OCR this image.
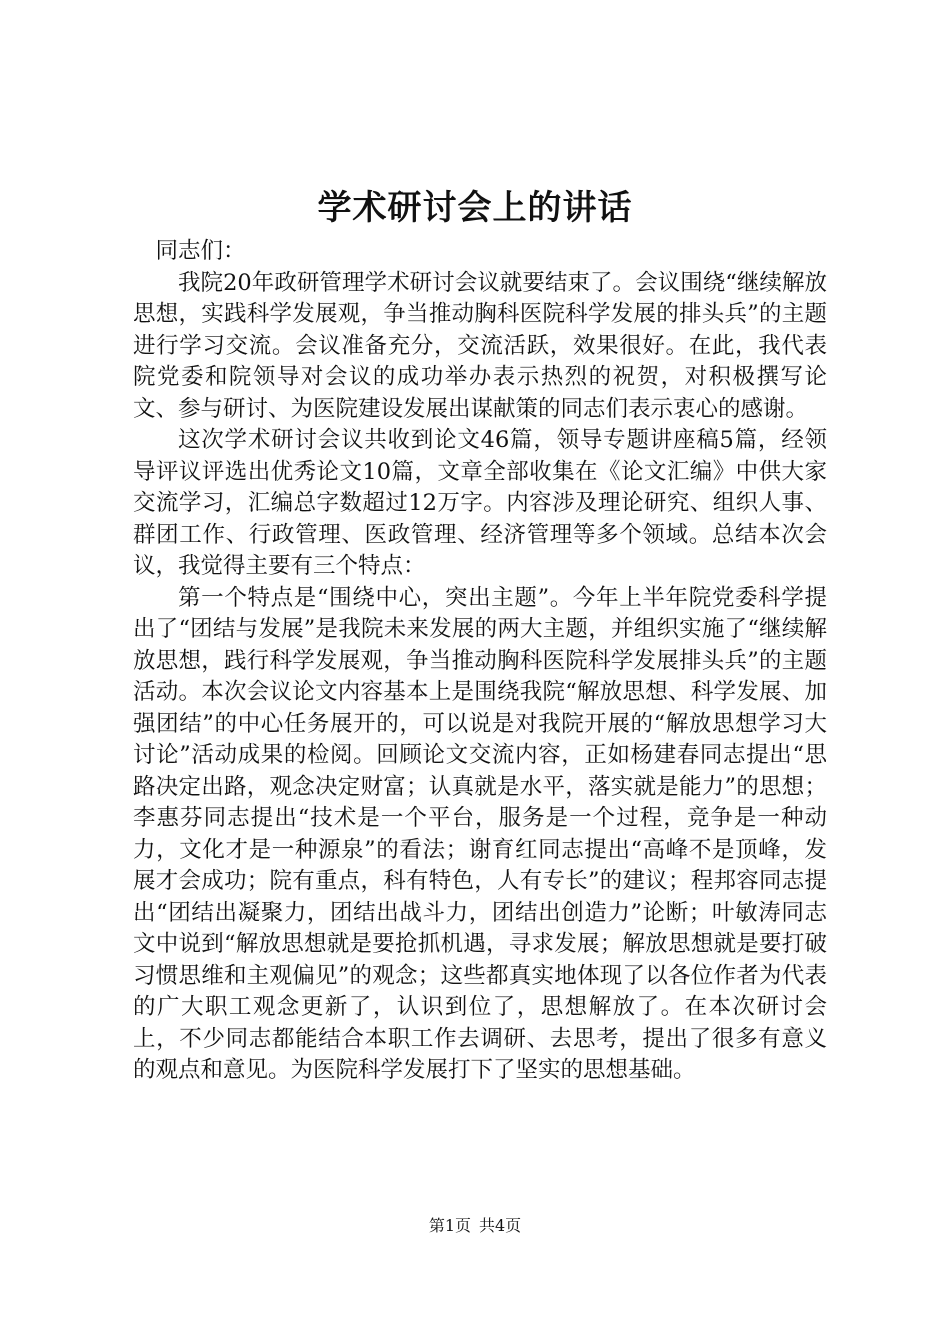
学术研讨会上的讲话

同志们：

我院20年政研管理学术研讨会议就要结束了。会议围绕“继续解放思想，实践科学发展观，争当推动胸科医院科学发展的排头兵”的主题进行学习交流。会议准备充分，交流活跃，效果很好。在此，我代表院党委和院领导对会议的成功举办表示热烈的祝贺，对积极撰写论文、参与研讨、为医院建设发展出谋献策的同志们表示衷心的感谢。

这次学术研讨会议共收到论文46篇，领导专题讲座稿5篇，经领导评议评选出优秀论文10篇，文章全部收集在《论文汇编》中供大家交流学习，汇编总字数超过12万字。内容涉及理论研究、组织人事、群团工作、行政管理、医政管理、经济管理等多个领域。总结本次会议，我觉得主要有三个特点：

第一个特点是“围绕中心，突出主题”。今年上半年院党委科学提出了“团结与发展”是我院未来发展的两大主题，并组织实施了“继续解放思想，践行科学发展观，争当推动胸科医院科学发展排头兵”的主题活动。本次会议论文内容基本上是围绕我院“解放思想、科学发展、加强团结”的中心任务展开的，可以说是对我院开展的“解放思想学习大讨论”活动成果的检阅。回顾论文交流内容，正如杨建春同志提出“思路决定出路，观念决定财富；认真就是水平，落实就是能力”的思想；李惠芬同志提出“技术是一个平台，服务是一个过程，竞争是一种动力，文化才是一种源泉”的看法；谢育红同志提出“高峰不是顶峰，发展才会成功；院有重点，科有特色，人有专长”的建议；程邦容同志提出“团结出凝聚力，团结出战斗力，团结出创造力”论断；叶敏涛同志文中说到“解放思想就是要抢抓机遇，寻求发展；解放思想就是要打破习惯思维和主观偏见”的观念；这些都真实地体现了以各位作者为代表的广大职工观念更新了，认识到位了，思想解放了。在本次研讨会上，不少同志都能结合本职工作去调研、去思考，提出了很多有意义的观点和意见。为医院科学发展打下了坚实的思想基础。

第1页 共4页
